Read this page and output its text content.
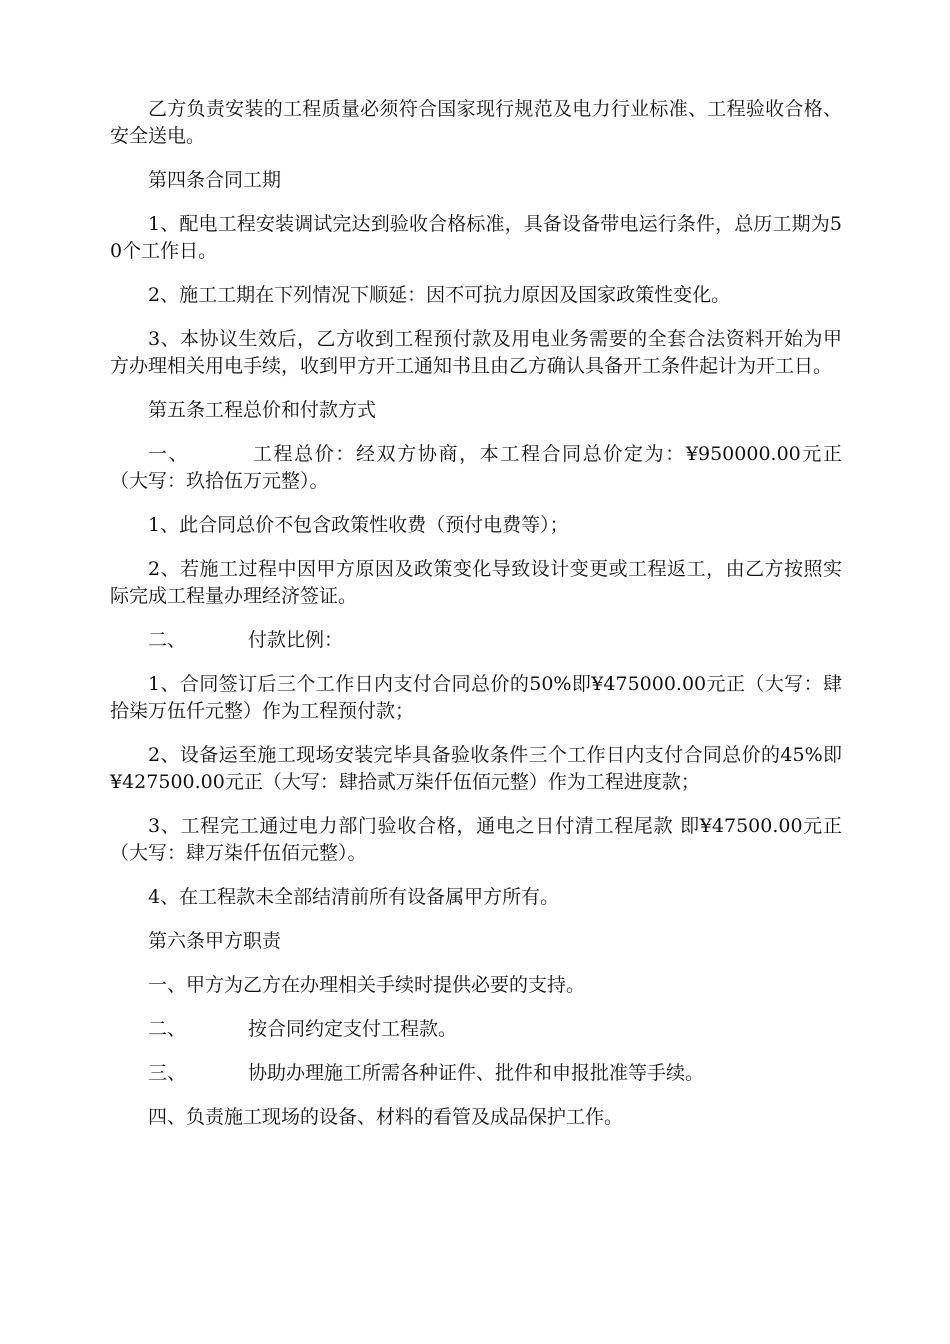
乙方负责安装的工程质量必须符合国家现行规范及电力行业标准、工程验收合格、安全送电。

第四条合同工期

1、配电工程安装调试完达到验收合格标准，具备设备带电运行条件，总历工期为50个工作日。

2、施工工期在下列情况下顺延：因不可抗力原因及国家政策性变化。

3、本协议生效后，乙方收到工程预付款及用电业务需要的全套合法资料开始为甲方办理相关用电手续，收到甲方开工通知书且由乙方确认具备开工条件起计为开工日。

第五条工程总价和付款方式

一、	工程总价：经双方协商，本工程合同总价定为：¥950000.00元正 （大写：玖拾伍万元整）。

1、此合同总价不包含政策性收费（预付电费等）；

2、若施工过程中因甲方原因及政策变化导致设计变更或工程返工，由乙方按照实际完成工程量办理经济签证。

二、	付款比例：

1、合同签订后三个工作日内支付合同总价的50%即¥475000.00元正（大写：肆拾柒万伍仟元整）作为工程预付款；

2、设备运至施工现场安装完毕具备验收条件三个工作日内支付合同总价的45%即¥427500.00元正（大写：肆拾贰万柒仟伍佰元整）作为工程进度款；

3、工程完工通过电力部门验收合格，通电之日付清工程尾款 即¥47500.00元正（大写：肆万柒仟伍佰元整）。

4、在工程款未全部结清前所有设备属甲方所有。

第六条甲方职责

一、甲方为乙方在办理相关手续时提供必要的支持。

二、	按合同约定支付工程款。

三、	协助办理施工所需各种证件、批件和申报批准等手续。

四、负责施工现场的设备、材料的看管及成品保护工作。
